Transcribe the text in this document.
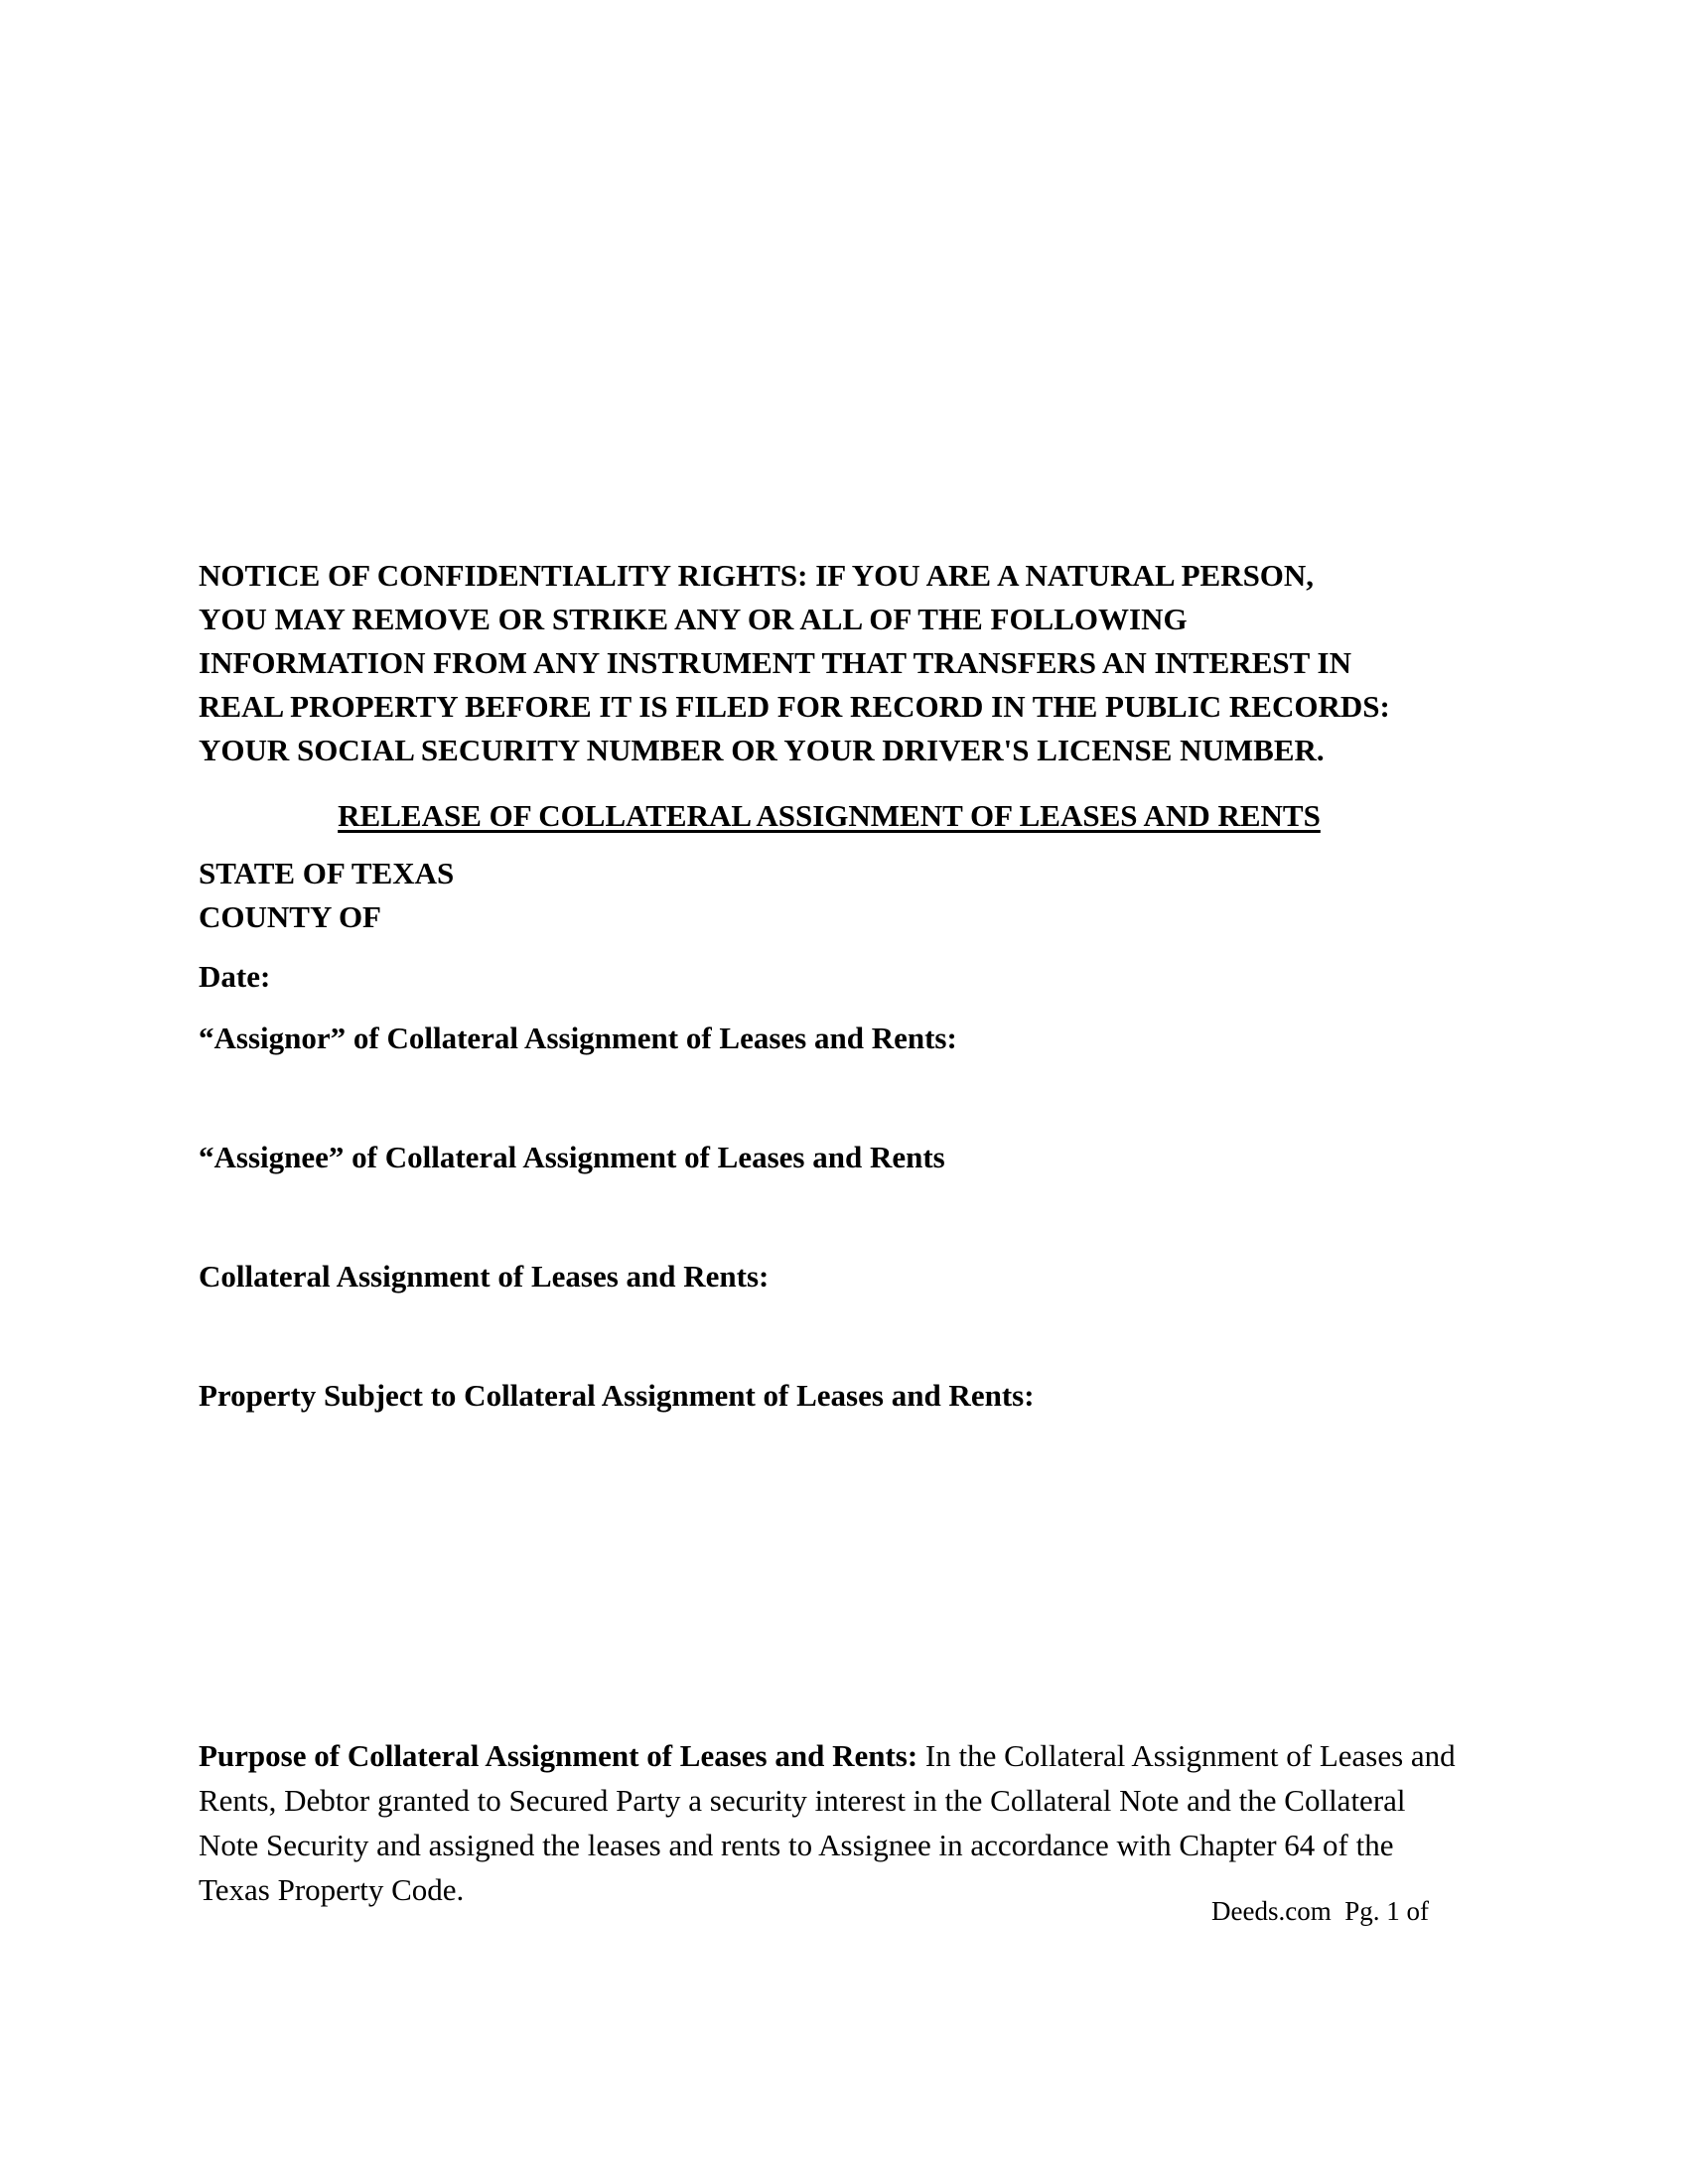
NOTICE OF CONFIDENTIALITY RIGHTS: IF YOU ARE A NATURAL PERSON,
YOU MAY REMOVE OR STRIKE ANY OR ALL OF THE FOLLOWING
INFORMATION FROM ANY INSTRUMENT THAT TRANSFERS AN INTEREST IN
REAL PROPERTY BEFORE IT IS FILED FOR RECORD IN THE PUBLIC RECORDS:
YOUR SOCIAL SECURITY NUMBER OR YOUR DRIVER'S LICENSE NUMBER.
RELEASE OF COLLATERAL ASSIGNMENT OF LEASES AND RENTS
STATE OF TEXAS
COUNTY OF
Date:
“Assignor” of Collateral Assignment of Leases and Rents:
“Assignee” of Collateral Assignment of Leases and Rents
Collateral Assignment of Leases and Rents:
Property Subject to Collateral Assignment of Leases and Rents:
Purpose of Collateral Assignment of Leases and Rents: In the Collateral Assignment of Leases and Rents, Debtor granted to Secured Party a security interest in the Collateral Note and the Collateral Note Security and assigned the leases and rents to Assignee in accordance with Chapter 64 of the Texas Property Code.
Deeds.com Pg. 1 of
